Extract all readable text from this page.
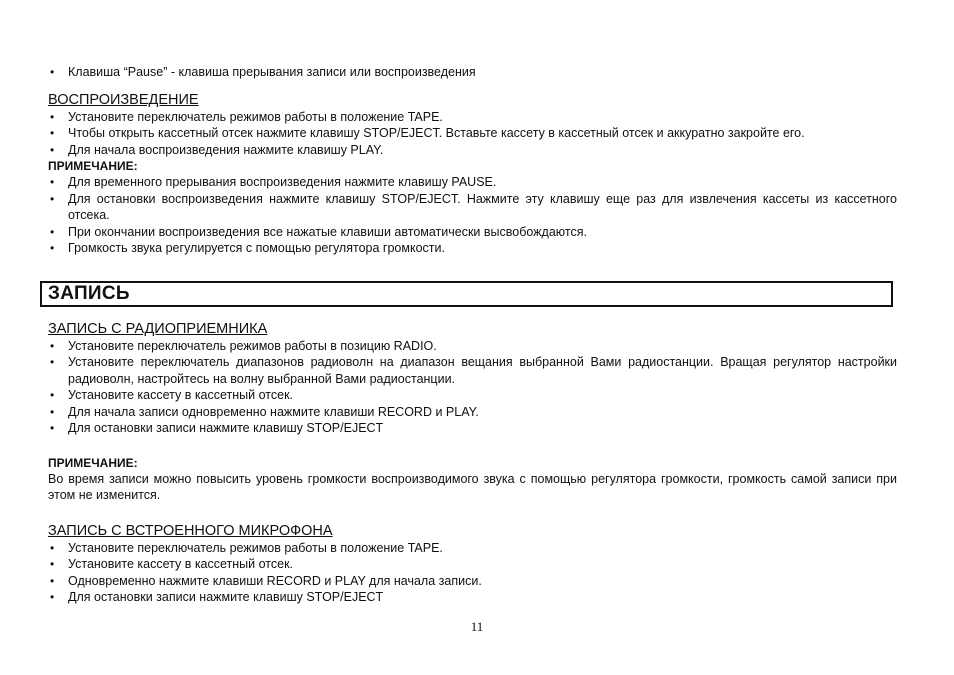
• Клавиша “Pause” - клавиша прерывания записи или воспроизведения
ВОСПРОИЗВЕДЕНИЕ
• Установите переключатель режимов работы в положение TAPE.
• Чтобы открыть кассетный отсек нажмите клавишу STOP/EJECT. Вставьте кассету в кассетный отсек и аккуратно закройте его.
• Для начала воспроизведения нажмите клавишу PLAY.

ПРИМЕЧАНИЕ:

• Для временного прерывания воспроизведения нажмите клавишу PAUSE.
• Для остановки воспроизведения нажмите клавишу STOP/EJECT. Нажмите эту клавишу еще раз для извлечения кассеты из кассетного отсека.
• При окончании воспроизведения все нажатые клавиши автоматически высвобождаются.
• Громкость звука регулируется с помощью регулятора громкости.
ЗАПИСЬ
ЗАПИСЬ С РАДИОПРИЕМНИКА
• Установите переключатель режимов работы в позицию RADIO.
• Установите переключатель диапазонов радиоволн на диапазон вещания выбранной Вами радиостанции. Вращая регулятор настройки радиоволн, настройтесь на волну выбранной Вами радиостанции.
• Установите кассету в кассетный отсек.
• Для начала записи одновременно нажмите клавиши RECORD и PLAY.
• Для остановки записи нажмите клавишу STOP/EJECT

ПРИМЕЧАНИЕ:

Во время записи можно повысить уровень громкости воспроизводимого звука с помощью регулятора громкости, громкость самой записи при этом не изменится.

ЗАПИСЬ С ВСТРОЕННОГО МИКРОФОНА
• Установите переключатель режимов работы в положение TAPE.
• Установите кассету в кассетный отсек.
• Одновременно нажмите клавиши RECORD и PLAY для начала записи.
• Для остановки записи нажмите клавишу STOP/EJECT
11
